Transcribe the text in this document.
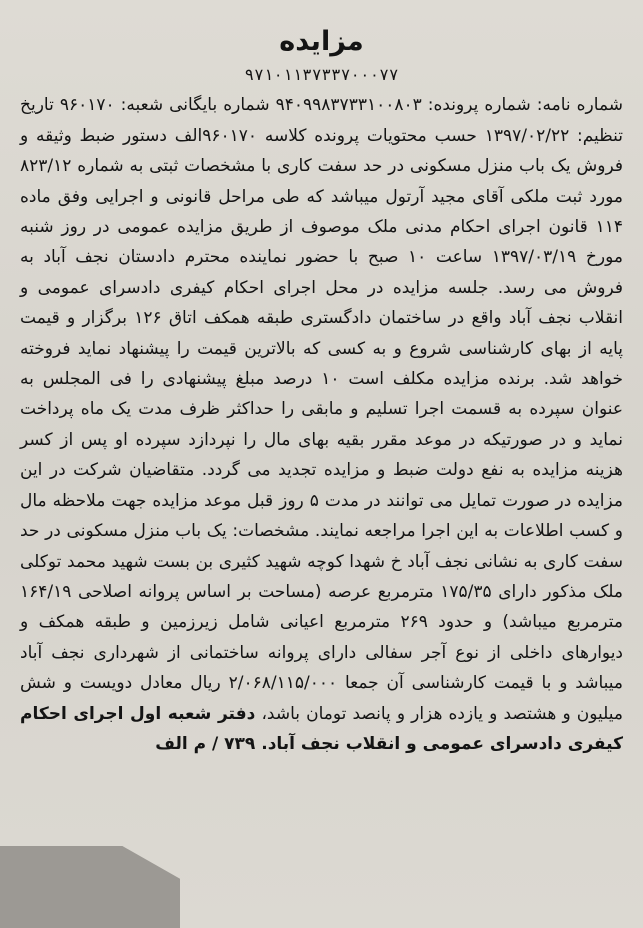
مزایده

۹۷۱۰۱۱۳۷۳۳۷۰۰۰۷۷

شماره نامه: شماره پرونده: ۹۴۰۹۹۸۳۷۳۳۱۰۰۸۰۳ شماره بایگانی شعبه: ۹۶۰۱۷۰ تاریخ تنظیم: ۱۳۹۷/۰۲/۲۲ حسب محتویات پرونده کلاسه ۹۶۰۱۷۰الف دستور ضبط وثیقه و فروش یک باب منزل مسکونی در حد سفت کاری با مشخصات ثبتی به شماره ۸۲۳/۱۲ مورد ثبت ملکی آقای مجید آرتول میباشد که طی مراحل قانونی و اجرایی وفق ماده ۱۱۴ قانون اجرای احکام مدنی ملک موصوف از طریق مزایده عمومی در روز شنبه مورخ ۱۳۹۷/۰۳/۱۹ ساعت ۱۰ صبح با حضور نماینده محترم دادستان نجف آباد به فروش می رسد. جلسه مزایده در محل اجرای احکام کیفری دادسرای عمومی و انقلاب نجف آباد واقع در ساختمان دادگستری طبقه همکف اتاق ۱۲۶ برگزار و قیمت پایه از بهای کارشناسی شروع و به کسی که بالاترین قیمت را پیشنهاد نماید فروخته خواهد شد. برنده مزایده مکلف است ۱۰ درصد مبلغ پیشنهادی را فی المجلس به عنوان سپرده به قسمت اجرا تسلیم و مابقی را حداکثر ظرف مدت یک ماه پرداخت نماید و در صورتیکه در موعد مقرر بقیه بهای مال را نپردازد سپرده او پس از کسر هزینه مزایده به نفع دولت ضبط و مزایده تجدید می گردد. متقاضیان شرکت در این مزایده در صورت تمایل می توانند در مدت ۵ روز قبل موعد مزایده جهت ملاحظه مال و کسب اطلاعات به این اجرا مراجعه نمایند. مشخصات: یک باب منزل مسکونی در حد سفت کاری به نشانی نجف آباد خ شهدا کوچه شهید کثیری بن بست شهید محمد توکلی ملک مذکور دارای ۱۷۵/۳۵ مترمربع عرصه (مساحت بر اساس پروانه اصلاحی ۱۶۴/۱۹ مترمربع میباشد) و حدود ۲۶۹ مترمربع اعیانی شامل زیرزمین و طبقه همکف و دیوارهای داخلی از نوع آجر سفالی دارای پروانه ساختمانی از شهرداری نجف آباد میباشد و با قیمت کارشناسی آن جمعا ۲/۰۶۸/۱۱۵/۰۰۰ ریال معادل دویست و شش میلیون و هشتصد و یازده هزار و پانصد تومان باشد، دفتر شعبه اول اجرای احکام کیفری دادسرای عمومی و انقلاب نجف آباد. ۷۳۹ / م الف
